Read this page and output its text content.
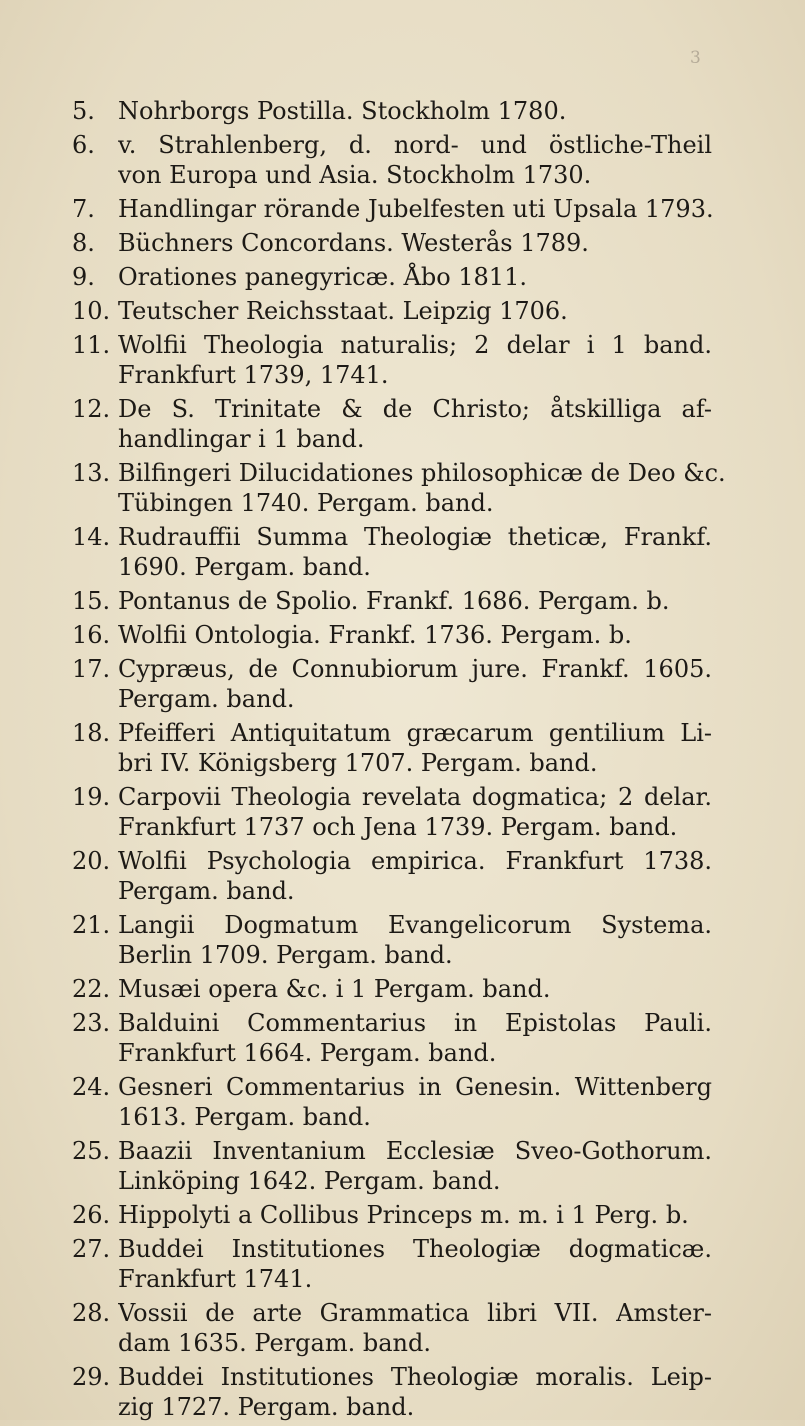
3
5. Nohrborgs Postilla. Stockholm 1780.
6. v. Strahlenberg, d. nord- und östliche-Theil
von Europa und Asia. Stockholm 1730.
7. Handlingar rörande Jubelfesten uti Upsala 1793.
8. Büchners Concordans. Westerås 1789.
9. Orationes panegyricæ. Åbo 1811.
10. Teutscher Reichsstaat. Leipzig 1706.
11. Wolfii Theologia naturalis; 2 delar i 1 band.
Frankfurt 1739, 1741.
12. De S. Trinitate & de Christo; åtskilliga af-
handlingar i 1 band.
13. Bilfingeri Dilucidationes philosophicæ de Deo &c.
Tübingen 1740. Pergam. band.
14. Rudrauffii Summa Theologiæ theticæ, Frankf.
1690. Pergam. band.
15. Pontanus de Spolio. Frankf. 1686. Pergam. b.
16. Wolfii Ontologia. Frankf. 1736. Pergam. b.
17. Cypræus, de Connubiorum jure. Frankf. 1605.
Pergam. band.
18. Pfeifferi Antiquitatum græcarum gentilium Li-
bri IV. Königsberg 1707. Pergam. band.
19. Carpovii Theologia revelata dogmatica; 2 delar.
Frankfurt 1737 och Jena 1739. Pergam. band.
20. Wolfii Psychologia empirica. Frankfurt 1738.
Pergam. band.
21. Langii Dogmatum Evangelicorum Systema.
Berlin 1709. Pergam. band.
22. Musæi opera &c. i 1 Pergam. band.
23. Balduini Commentarius in Epistolas Pauli.
Frankfurt 1664. Pergam. band.
24. Gesneri Commentarius in Genesin. Wittenberg
1613. Pergam. band.
25. Baazii Inventanium Ecclesiæ Sveo-Gothorum.
Linköping 1642. Pergam. band.
26. Hippolyti a Collibus Princeps m. m. i 1 Perg. b.
27. Buddei Institutiones Theologiæ dogmaticæ.
Frankfurt 1741.
28. Vossii de arte Grammatica libri VII. Amster-
dam 1635. Pergam. band.
29. Buddei Institutiones Theologiæ moralis. Leip-
zig 1727. Pergam. band.
